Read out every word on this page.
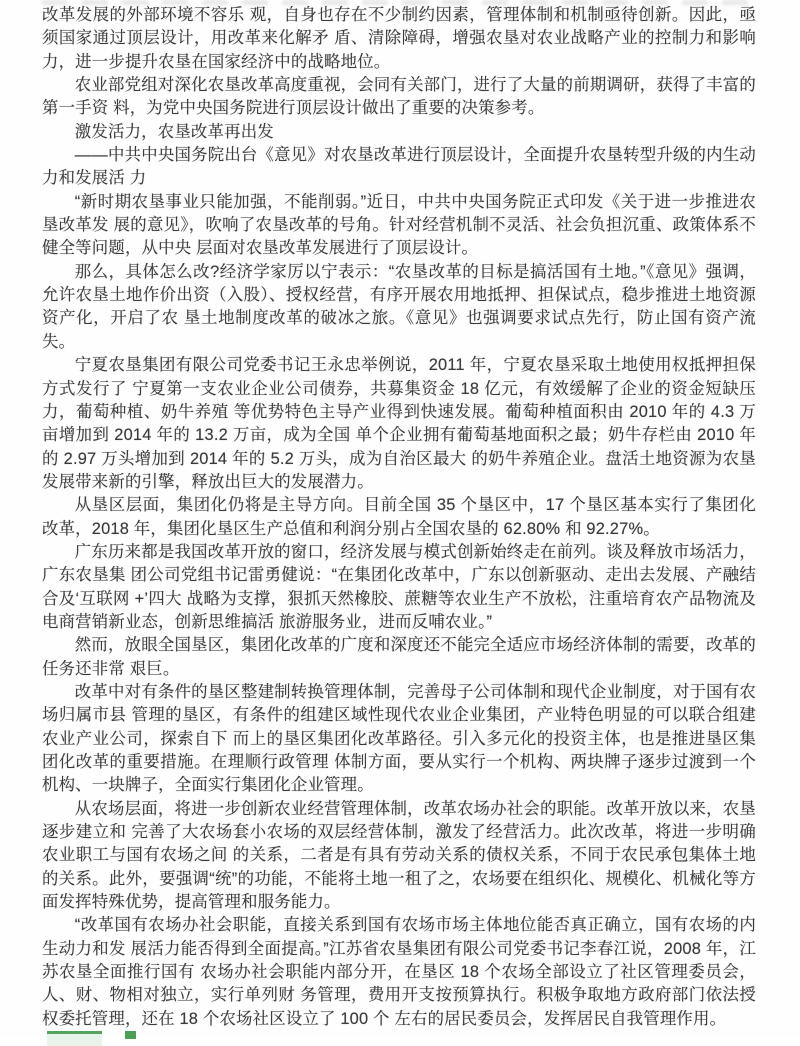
改革发展的外部环境不容乐 观，自身也存在不少制约因素，管理体制和机制亟待创新。因此，亟须国家通过顶层设计，用改革来化解矛 盾、清除障碍，增强农垦对农业战略产业的控制力和影响力，进一步提升农垦在国家经济中的战略地位。

农业部党组对深化农垦改革高度重视，会同有关部门，进行了大量的前期调研，获得了丰富的第一手资 料，为党中央国务院进行顶层设计做出了重要的决策参考。

激发活力，农垦改革再出发

——中共中央国务院出台《意见》对农垦改革进行顶层设计，全面提升农垦转型升级的内生动力和发展活 力

“新时期农垦事业只能加强，不能削弱。”近日，中共中央国务院正式印发《关于进一步推进农垦改革发 展的意见》，吹响了农垦改革的号角。针对经营机制不灵活、社会负担沉重、政策体系不健全等问题，从中央 层面对农垦改革发展进行了顶层设计。

那么，具体怎么改?经济学家厉以宁表示：“农垦改革的目标是搞活国有土地。”《意见》强调，允许农垦土地作价出资（入股）、授权经营，有序开展农用地抵押、担保试点，稳步推进土地资源资产化，开启了农 垦土地制度改革的破冰之旅。《意见》也强调要求试点先行，防止国有资产流失。

宁夏农垦集团有限公司党委书记王永忠举例说，2011 年，宁夏农垦采取土地使用权抵押担保方式发行了 宁夏第一支农业企业公司债券，共募集资金 18 亿元，有效缓解了企业的资金短缺压力，葡萄种植、奶牛养殖 等优势特色主导产业得到快速发展。葡萄种植面积由 2010 年的 4.3 万亩增加到 2014 年的 13.2 万亩，成为全国 单个企业拥有葡萄基地面积之最；奶牛存栏由 2010 年的 2.97 万头增加到 2014 年的 5.2 万头，成为自治区最大 的奶牛养殖企业。盘活土地资源为农垦发展带来新的引擎，释放出巨大的发展潜力。

从垦区层面，集团化仍将是主导方向。目前全国 35 个垦区中，17 个垦区基本实行了集团化改革，2018 年，集团化垦区生产总值和利润分别占全国农垦的 62.80% 和 92.27%。

广东历来都是我国改革开放的窗口，经济发展与模式创新始终走在前列。谈及释放市场活力，广东农垦集 团公司党组书记雷勇健说：“在集团化改革中，广东以创新驱动、走出去发展、产融结合及‘互联网 +’四大 战略为支撑，狠抓天然橡胶、蔗糖等农业生产不放松，注重培育农产品物流及电商营销新业态，创新思维搞活 旅游服务业，进而反哺农业。”

然而，放眼全国垦区，集团化改革的广度和深度还不能完全适应市场经济体制的需要，改革的任务还非常 艰巨。

改革中对有条件的垦区整建制转换管理体制，完善母子公司体制和现代企业制度，对于国有农场归属市县 管理的垦区，有条件的组建区域性现代农业企业集团，产业特色明显的可以联合组建农业产业公司，探索自下 而上的垦区集团化改革路径。引入多元化的投资主体，也是推进垦区集团化改革的重要措施。在理顺行政管理 体制方面，要从实行一个机构、两块牌子逐步过渡到一个机构、一块牌子，全面实行集团化企业管理。

从农场层面，将进一步创新农业经营管理体制，改革农场办社会的职能。改革开放以来，农垦逐步建立和 完善了大农场套小农场的双层经营体制，激发了经营活力。此次改革，将进一步明确农业职工与国有农场之间 的关系，二者是有具有劳动关系的债权关系，不同于农民承包集体土地的关系。此外，要强调“统”的功能，不能将土地一租了之，农场要在组织化、规模化、机械化等方面发挥特殊优势，提高管理和服务能力。

“改革国有农场办社会职能，直接关系到国有农场市场主体地位能否真正确立，国有农场的内生动力和发 展活力能否得到全面提高。”江苏省农垦集团有限公司党委书记李春江说，2008 年，江苏农垦全面推行国有 农场办社会职能内部分开，在垦区 18 个农场全部设立了社区管理委员会，人、财、物相对独立，实行单列财 务管理，费用开支按预算执行。积极争取地方政府部门依法授权委托管理，还在 18 个农场社区设立了 100 个 左右的居民委员会，发挥居民自我管理作用。
